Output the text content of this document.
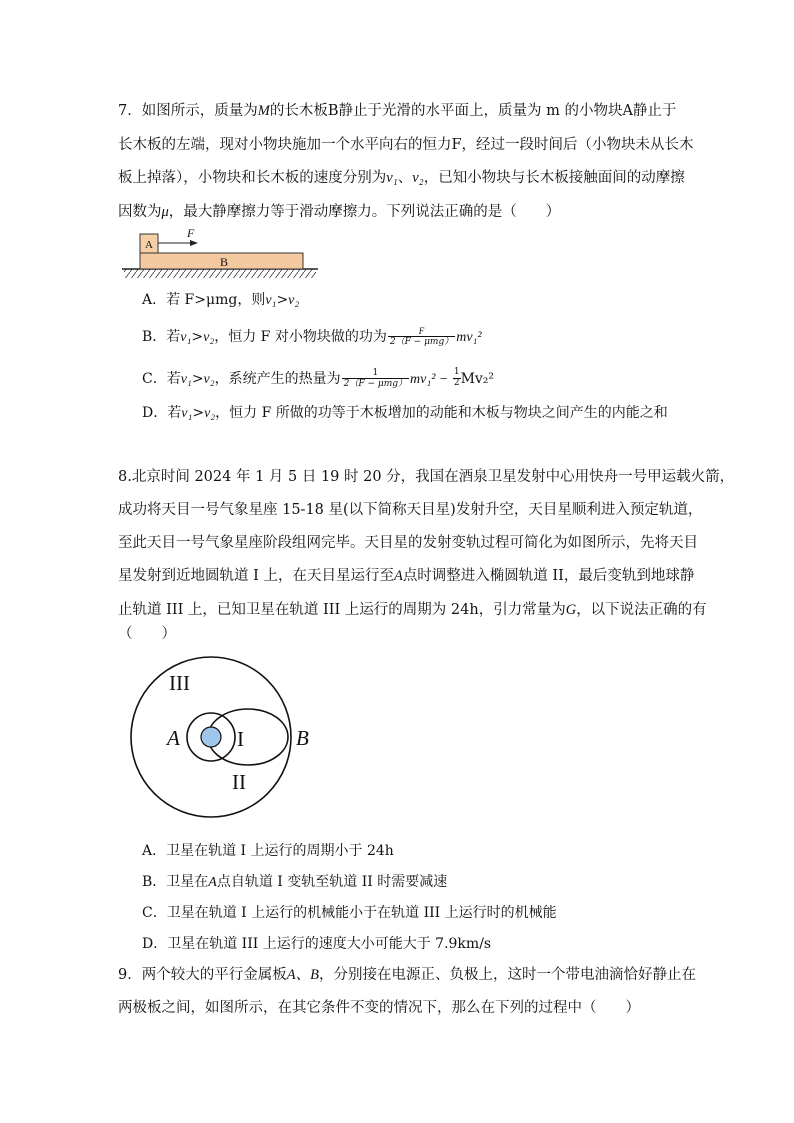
7．如图所示，质量为M的长木板B静止于光滑的水平面上，质量为 m 的小物块A静止于
长木板的左端，现对小物块施加一个水平向右的恒力F，经过一段时间后（小物块未从长木
板上掉落），小物块和长木板的速度分别为v₁、v₂，已知小物块与长木板接触面间的动摩擦
因数为μ，最大静摩擦力等于滑动摩擦力。下列说法正确的是（　　）
B
A
F
A．若 F>μmg，则v₁>v₂
B．若v₁>v₂，恒力 F 对小物块做的功为 $\frac{F}{\text{2（F − μmg）}} mv_1^2$
C．若v₁>v₂，系统产生的热量为 $\frac{1}{\text{2（F − μmg）}} mv_1^2 - \frac{1}{2}Mv_2^2$
D．若v₁>v₂，恒力 F 所做的功等于木板增加的动能和木板与物块之间产生的内能之和
8.北京时间 2024 年 1 月 5 日 19 时 20 分，我国在酒泉卫星发射中心用快舟一号甲运载火箭，
成功将天目一号气象星座 15-18 星(以下简称天目星)发射升空，天目星顺利进入预定轨道，
至此天目一号气象星座阶段组网完毕。天目星的发射变轨过程可简化为如图所示，先将天目
星发射到近地圆轨道 I 上，在天目星运行至A点时调整进入椭圆轨道 II，最后变轨到地球静
止轨道 III 上，已知卫星在轨道 III 上运行的周期为 24h，引力常量为G，以下说法正确的有
（　　）
III
I
II
A	B
A．卫星在轨道 I 上运行的周期小于 24h
B．卫星在A点自轨道 I 变轨至轨道 II 时需要减速
C．卫星在轨道 I 上运行的机械能小于在轨道 III 上运行时的机械能
D．卫星在轨道 III 上运行的速度大小可能大于 7.9km/s
9．两个较大的平行金属板A、B，分别接在电源正、负极上，这时一个带电油滴恰好静止在
两极板之间，如图所示，在其它条件不变的情况下，那么在下列的过程中（　　）
